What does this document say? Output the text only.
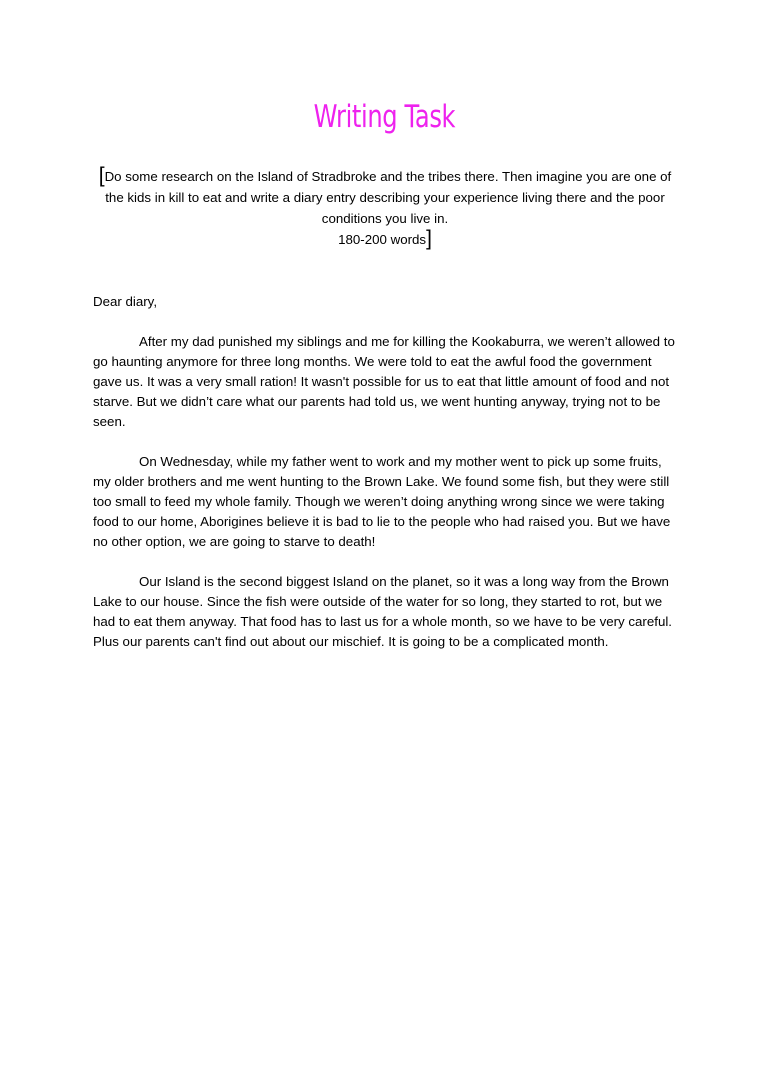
Writing Task
[Do some research on the Island of Stradbroke and the tribes there. Then imagine you are one of the kids in kill to eat and write a diary entry describing your experience living there and the poor conditions you live in.
180-200 words]
Dear diary,

After my dad punished my siblings and me for killing the Kookaburra, we weren’t allowed to go haunting anymore for three long months. We were told to eat the awful food the government gave us. It was a very small ration! It wasn't possible for us to eat that little amount of food and not starve. But we didn’t care what our parents had told us, we went hunting anyway, trying not to be seen.

On Wednesday, while my father went to work and my mother went to pick up some fruits, my older brothers and me went hunting to the Brown Lake. We found some fish, but they were still too small to feed my whole family. Though we weren’t doing anything wrong since we were taking food to our home, Aborigines believe it is bad to lie to the people who had raised you. But we have no other option, we are going to starve to death!

Our Island is the second biggest Island on the planet, so it was a long way from the Brown Lake to our house. Since the fish were outside of the water for so long, they started to rot, but we had to eat them anyway. That food has to last us for a whole month, so we have to be very careful. Plus our parents can't find out about our mischief. It is going to be a complicated month.
